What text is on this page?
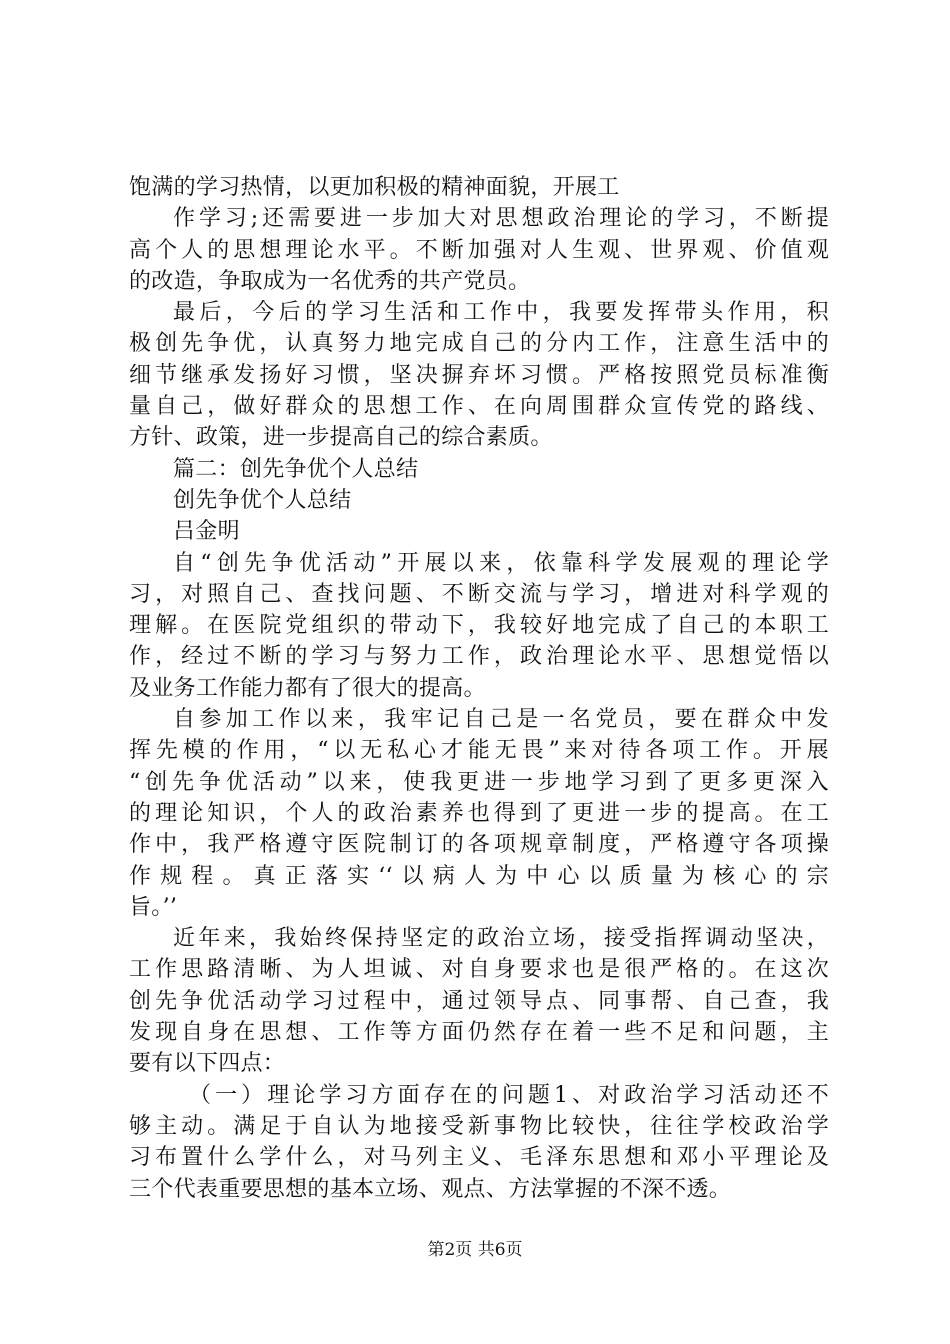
饱满的学习热情，以更加积极的精神面貌，开展工
作学习;还需要进一步加大对思想政治理论的学习，不断提
高个人的思想理论水平。不断加强对人生观、世界观、价值观
的改造，争取成为一名优秀的共产党员。
最后，今后的学习生活和工作中，我要发挥带头作用，积
极创先争优，认真努力地完成自己的分内工作，注意生活中的
细节继承发扬好习惯，坚决摒弃坏习惯。严格按照党员标准衡
量自己，做好群众的思想工作、在向周围群众宣传党的路线、
方针、政策，进一步提高自己的综合素质。
篇二：创先争优个人总结
创先争优个人总结
吕金明
自“创先争优活动”开展以来，依靠科学发展观的理论学
习，对照自己、查找问题、不断交流与学习，增进对科学观的
理解。在医院党组织的带动下，我较好地完成了自己的本职工
作，经过不断的学习与努力工作，政治理论水平、思想觉悟以
及业务工作能力都有了很大的提高。
自参加工作以来，我牢记自己是一名党员，要在群众中发
挥先模的作用，“以无私心才能无畏”来对待各项工作。开展
“创先争优活动”以来，使我更进一步地学习到了更多更深入
的理论知识，个人的政治素养也得到了更进一步的提高。在工
作中，我严格遵守医院制订的各项规章制度，严格遵守各项操
作规程。真正落实‘‘以病人为中心以质量为核心的宗
旨。’’
近年来，我始终保持坚定的政治立场，接受指挥调动坚决，
工作思路清晰、为人坦诚、对自身要求也是很严格的。在这次
创先争优活动学习过程中，通过领导点、同事帮、自己查，我
发现自身在思想、工作等方面仍然存在着一些不足和问题，主
要有以下四点：
（一）理论学习方面存在的问题1、对政治学习活动还不
够主动。满足于自认为地接受新事物比较快，往往学校政治学
习布置什么学什么，对马列主义、毛泽东思想和邓小平理论及
三个代表重要思想的基本立场、观点、方法掌握的不深不透。
第2页 共6页
